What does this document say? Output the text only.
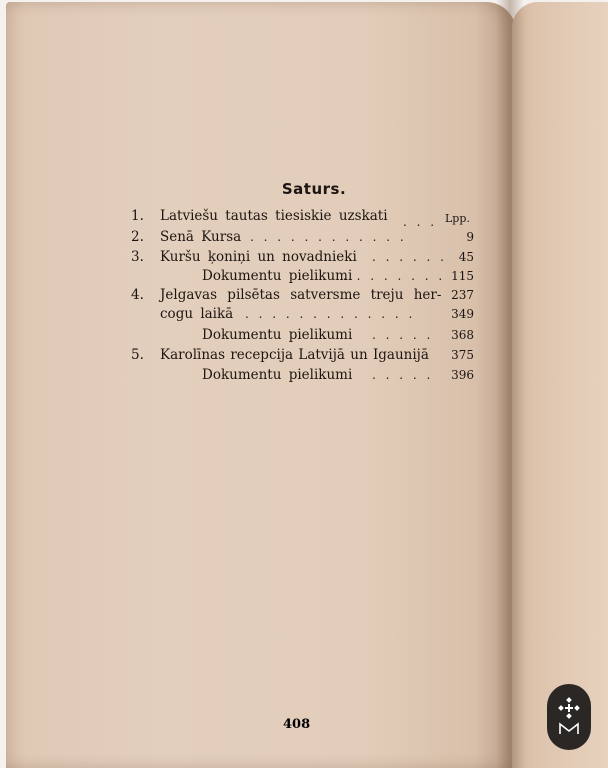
Saturs.
Lpp.
1. Latviešu tautas tiesiskie uzskati . . .
2. Senā Kursa . . . . . . . . . . . .	9
3. Kuršu ķoniņi un novadnieki . . . . . . 45
Dokumentu pielikumi
. . . . . . . . 115
4. Jelgavas pilsētas satversme treju her- 237
cogu laikā . . . . . . . . . . . . .	349
Dokumentu pielikumi . . . . . 368
5. Karolīnas recepcija Latvijā un Igaunijā 375
Dokumentu pielikumi . . . . . 396
408
